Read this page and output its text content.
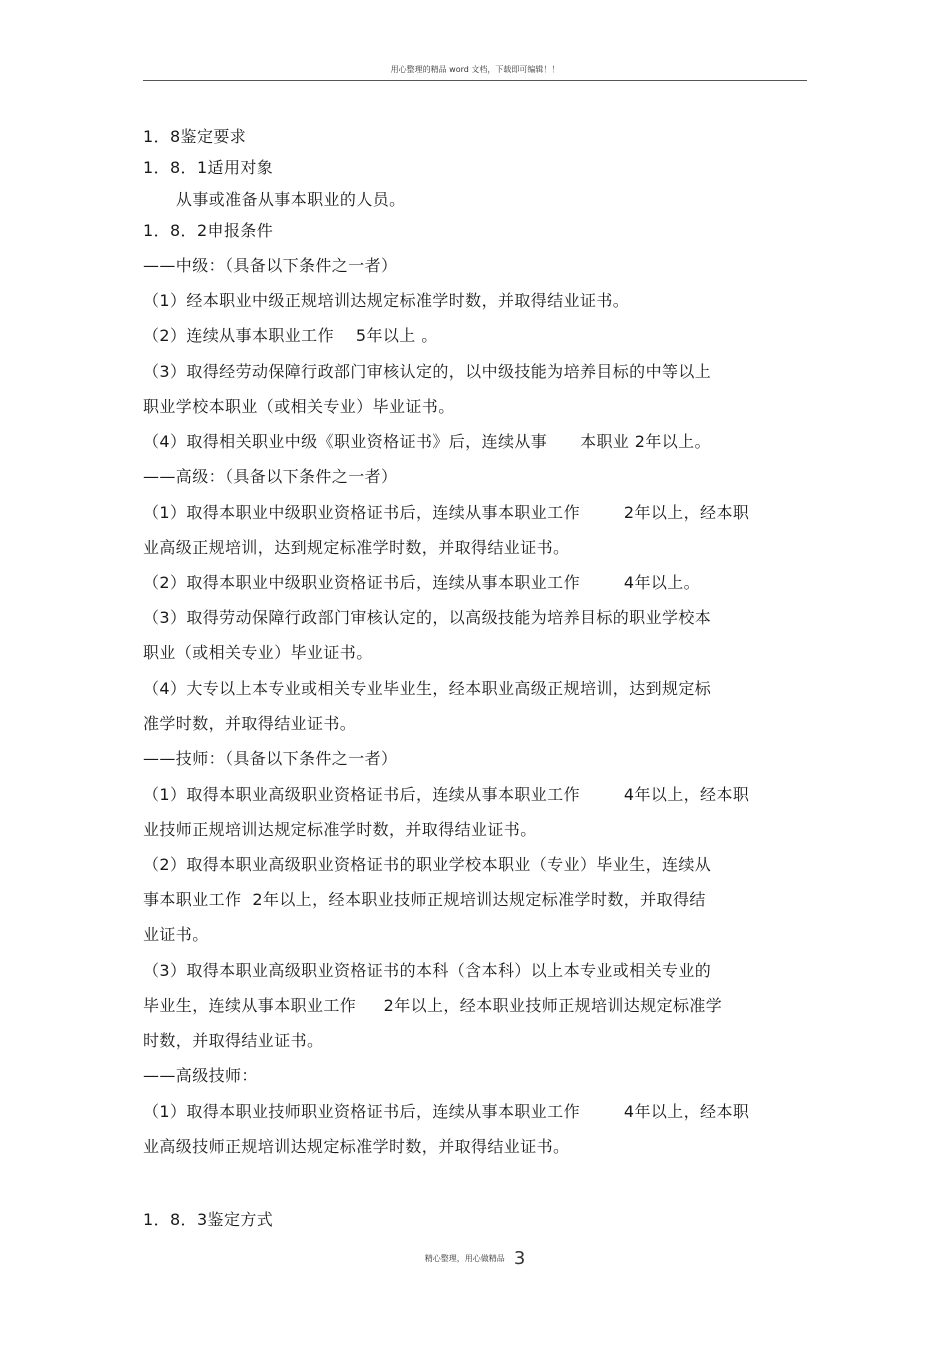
用心整理的精品 word 文档，下载即可编辑！！
1．8鉴定要求
1．8．1适用对象
从事或准备从事本职业的人员。
1．8．2申报条件
——中级：（具备以下条件之一者）
（1）经本职业中级正规培训达规定标准学时数，并取得结业证书。
（2）连续从事本职业工作    5年以上 。
（3）取得经劳动保障行政部门审核认定的，以中级技能为培养目标的中等以上
职业学校本职业（或相关专业）毕业证书。
（4）取得相关职业中级《职业资格证书》后，连续从事      本职业 2年以上。
——高级：（具备以下条件之一者）
（1）取得本职业中级职业资格证书后，连续从事本职业工作        2年以上，经本职
业高级正规培训，达到规定标准学时数，并取得结业证书。
（2）取得本职业中级职业资格证书后，连续从事本职业工作        4年以上。
（3）取得劳动保障行政部门审核认定的，以高级技能为培养目标的职业学校本
职业（或相关专业）毕业证书。
（4）大专以上本专业或相关专业毕业生，经本职业高级正规培训，达到规定标
准学时数，并取得结业证书。
——技师：（具备以下条件之一者）
（1）取得本职业高级职业资格证书后，连续从事本职业工作        4年以上，经本职
业技师正规培训达规定标准学时数，并取得结业证书。
（2）取得本职业高级职业资格证书的职业学校本职业（专业）毕业生，连续从
事本职业工作  2年以上，经本职业技师正规培训达规定标准学时数，并取得结
业证书。
（3）取得本职业高级职业资格证书的本科（含本科）以上本专业或相关专业的
毕业生，连续从事本职业工作     2年以上，经本职业技师正规培训达规定标准学
时数，并取得结业证书。
——高级技师：
（1）取得本职业技师职业资格证书后，连续从事本职业工作        4年以上，经本职
业高级技师正规培训达规定标准学时数，并取得结业证书。
1．8．3鉴定方式
精心整理，用心做精品 3
